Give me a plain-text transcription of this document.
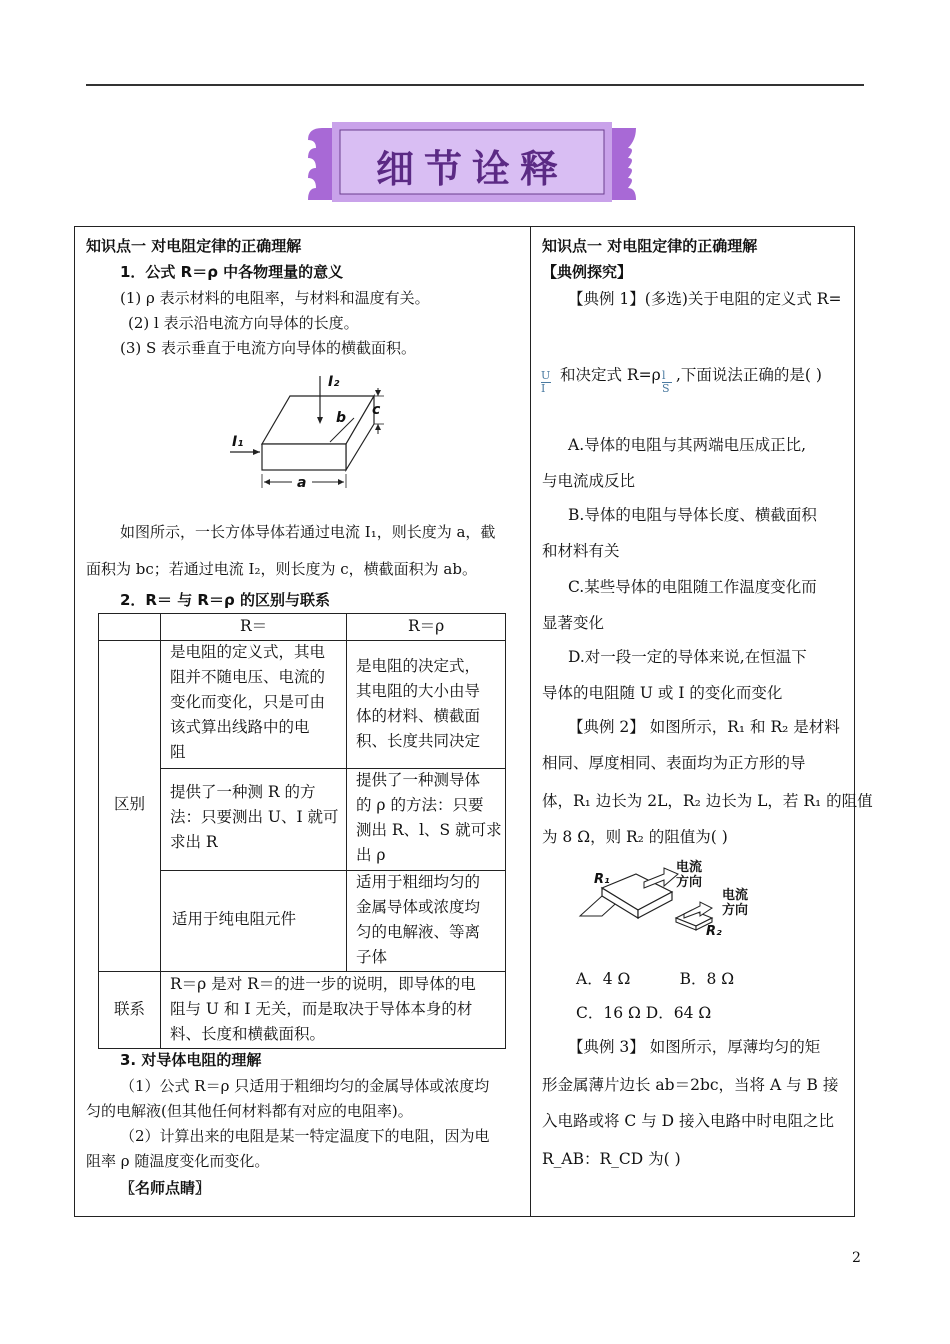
细节诠释
知识点一 对电阻定律的正确理解
1．公式 R＝ρ 中各物理量的意义
(1) ρ 表示材料的电阻率，与材料和温度有关。
(2) l 表示沿电流方向导体的长度。
(3) S 表示垂直于电流方向导体的横截面积。
I₁
I₂
b c
a
如图所示，一长方体导体若通过电流 I₁，则长度为 a，截
面积为 bc；若通过电流 I₂，则长度为 c，横截面积为 ab。
2．R＝ 与 R＝ρ 的区别与联系
R＝	R＝ρ
区别
联系
是电阻的定义式，其电
阻并不随电压、电流的
变化而变化，只是可由
该式算出线路中的电
阻
是电阻的决定式，
其电阻的大小由导
体的材料、横截面
积、长度共同决定
提供了一种测 R 的方
法：只要测出 U、I 就可
求出 R
提供了一种测导体
的 ρ 的方法：只要
测出 R、l、S 就可求
出 ρ
适用于纯电阻元件
适用于粗细均匀的
金属导体或浓度均
匀的电解液、等离
子体
R＝ρ 是对 R＝的进一步的说明，即导体的电
阻与 U 和 I 无关，而是取决于导体本身的材
料、长度和横截面积。
3. 对导体电阻的理解
（1）公式 R＝ρ 只适用于粗细均匀的金属导体或浓度均
匀的电解液(但其他任何材料都有对应的电阻率)。
（2）计算出来的电阻是某一特定温度下的电阻，因为电
阻率 ρ 随温度变化而变化。
〖名师点睛〗
知识点一 对电阻定律的正确理解
【典例探究】
【典例 1】(多选)关于电阻的定义式 R=
$\frac{U}{I}$ 和决定式 $R=\rho \frac{l}{S}$ ,下面说法正确的是( )
A.导体的电阻与其两端电压成正比,
与电流成反比
B.导体的电阻与导体长度、横截面积
和材料有关
C.某些导体的电阻随工作温度变化而
显著变化
D.对一段一定的导体来说,在恒温下
导体的电阻随 U 或 I 的变化而变化
【典例 2】 如图所示，R₁ 和 R₂ 是材料
相同、厚度相同、表面均为正方形的导
体，R₁ 边长为 2L，R₂ 边长为 L，若 R₁ 的阻值
为 8 Ω，则 R₂ 的阻值为( )
R₁
R₂
电流
方向
电流
方向
A．4 Ω          B．8 Ω
C．16 Ω D．64 Ω
【典例 3】 如图所示，厚薄均匀的矩
形金属薄片边长 ab＝2bc，当将 A 与 B 接
入电路或将 C 与 D 接入电路中时电阻之比
R_AB：R_CD 为( )
2
